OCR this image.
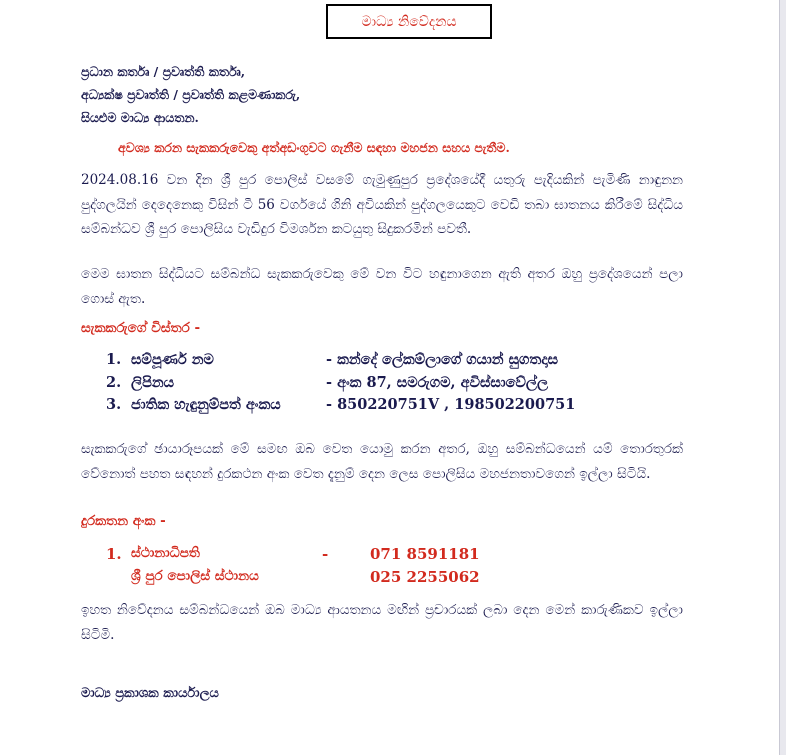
මාධ්‍ය නිවේදනය
ප්‍රධාන කර්තෘ / ප්‍රවෘත්ති කර්තෘ,
අධ්‍යක්ෂ ප්‍රවෘත්ති / ප්‍රවෘත්ති කළමණාකරු,
සියළුම මාධ්‍ය ආයතන.
අවශ්‍ය කරන සැකකරුවෙකු අත්අඩංගුවට ගැනීම සඳහා මහජන සහය පැතීම.
2024.08.16 වන දින ශ්‍රී පුර පොලිස් වසමේ ගැමුණුපුර ප්‍රදේශයේදී යතුරු පැදියකින් පැමිණි නාඳුනන පුද්ගලයින් දෙදෙනෙකු විසින් ටී 56 වර්ගයේ ගිනි අවියකින් පුද්ගලයෙකුට වෙඩි තබා ඝාතනය කිරීමේ සිද්ධිය සම්බන්ධව ශ්‍රී පුර පොලිසිය වැඩිදුර විමර්ශන කටයුතු සිදුකරමින් පවතී.
මෙම ඝාතන සිද්ධියට සම්බන්ධ සැකකරුවෙකු මේ වන විට හඳුනාගෙන ඇති අතර ඔහු ප්‍රදේශයෙන් පලා ගොස් ඇත.
සැකකරුගේ විස්තර -
1. සම්පූර්ණ නම	- කන්දේ ලේකම්ලාගේ ගයාන් සුගතදාස
2. ලිපිනය	- අංක 87, සමරුගම, අවිස්සාවේල්ල
3. ජාතික හැඳුනුම්පත් අංකය	- 850220751V , 198502200751
සැකකරුගේ ඡායාරූපයක් මේ සමඟ ඔබ වෙත යොමු කරන අතර, ඔහු සම්බන්ධයෙන් යම් තොරතුරක් වේනොත් පහත සඳහන් දුරකථන අංක වෙත දැනුම් දෙන ලෙස පොලිසිය මහජනතාවගෙන් ඉල්ලා සිටියි.
දුරකතන අංක -
1. ස්ථානාධිපති	-	071 8591181
ශ්‍රී පුර පොලිස් ස්ථානය	025 2255062
ඉහත නිවේදනය සම්බන්ධයෙන් ඔබ මාධ්‍ය ආයතනය මඟින් ප්‍රචාරයක් ලබා දෙන මෙන් කාරුණිකව ඉල්ලා සිටිමි.
මාධ්‍ය ප්‍රකාශක කාර්යාලය
